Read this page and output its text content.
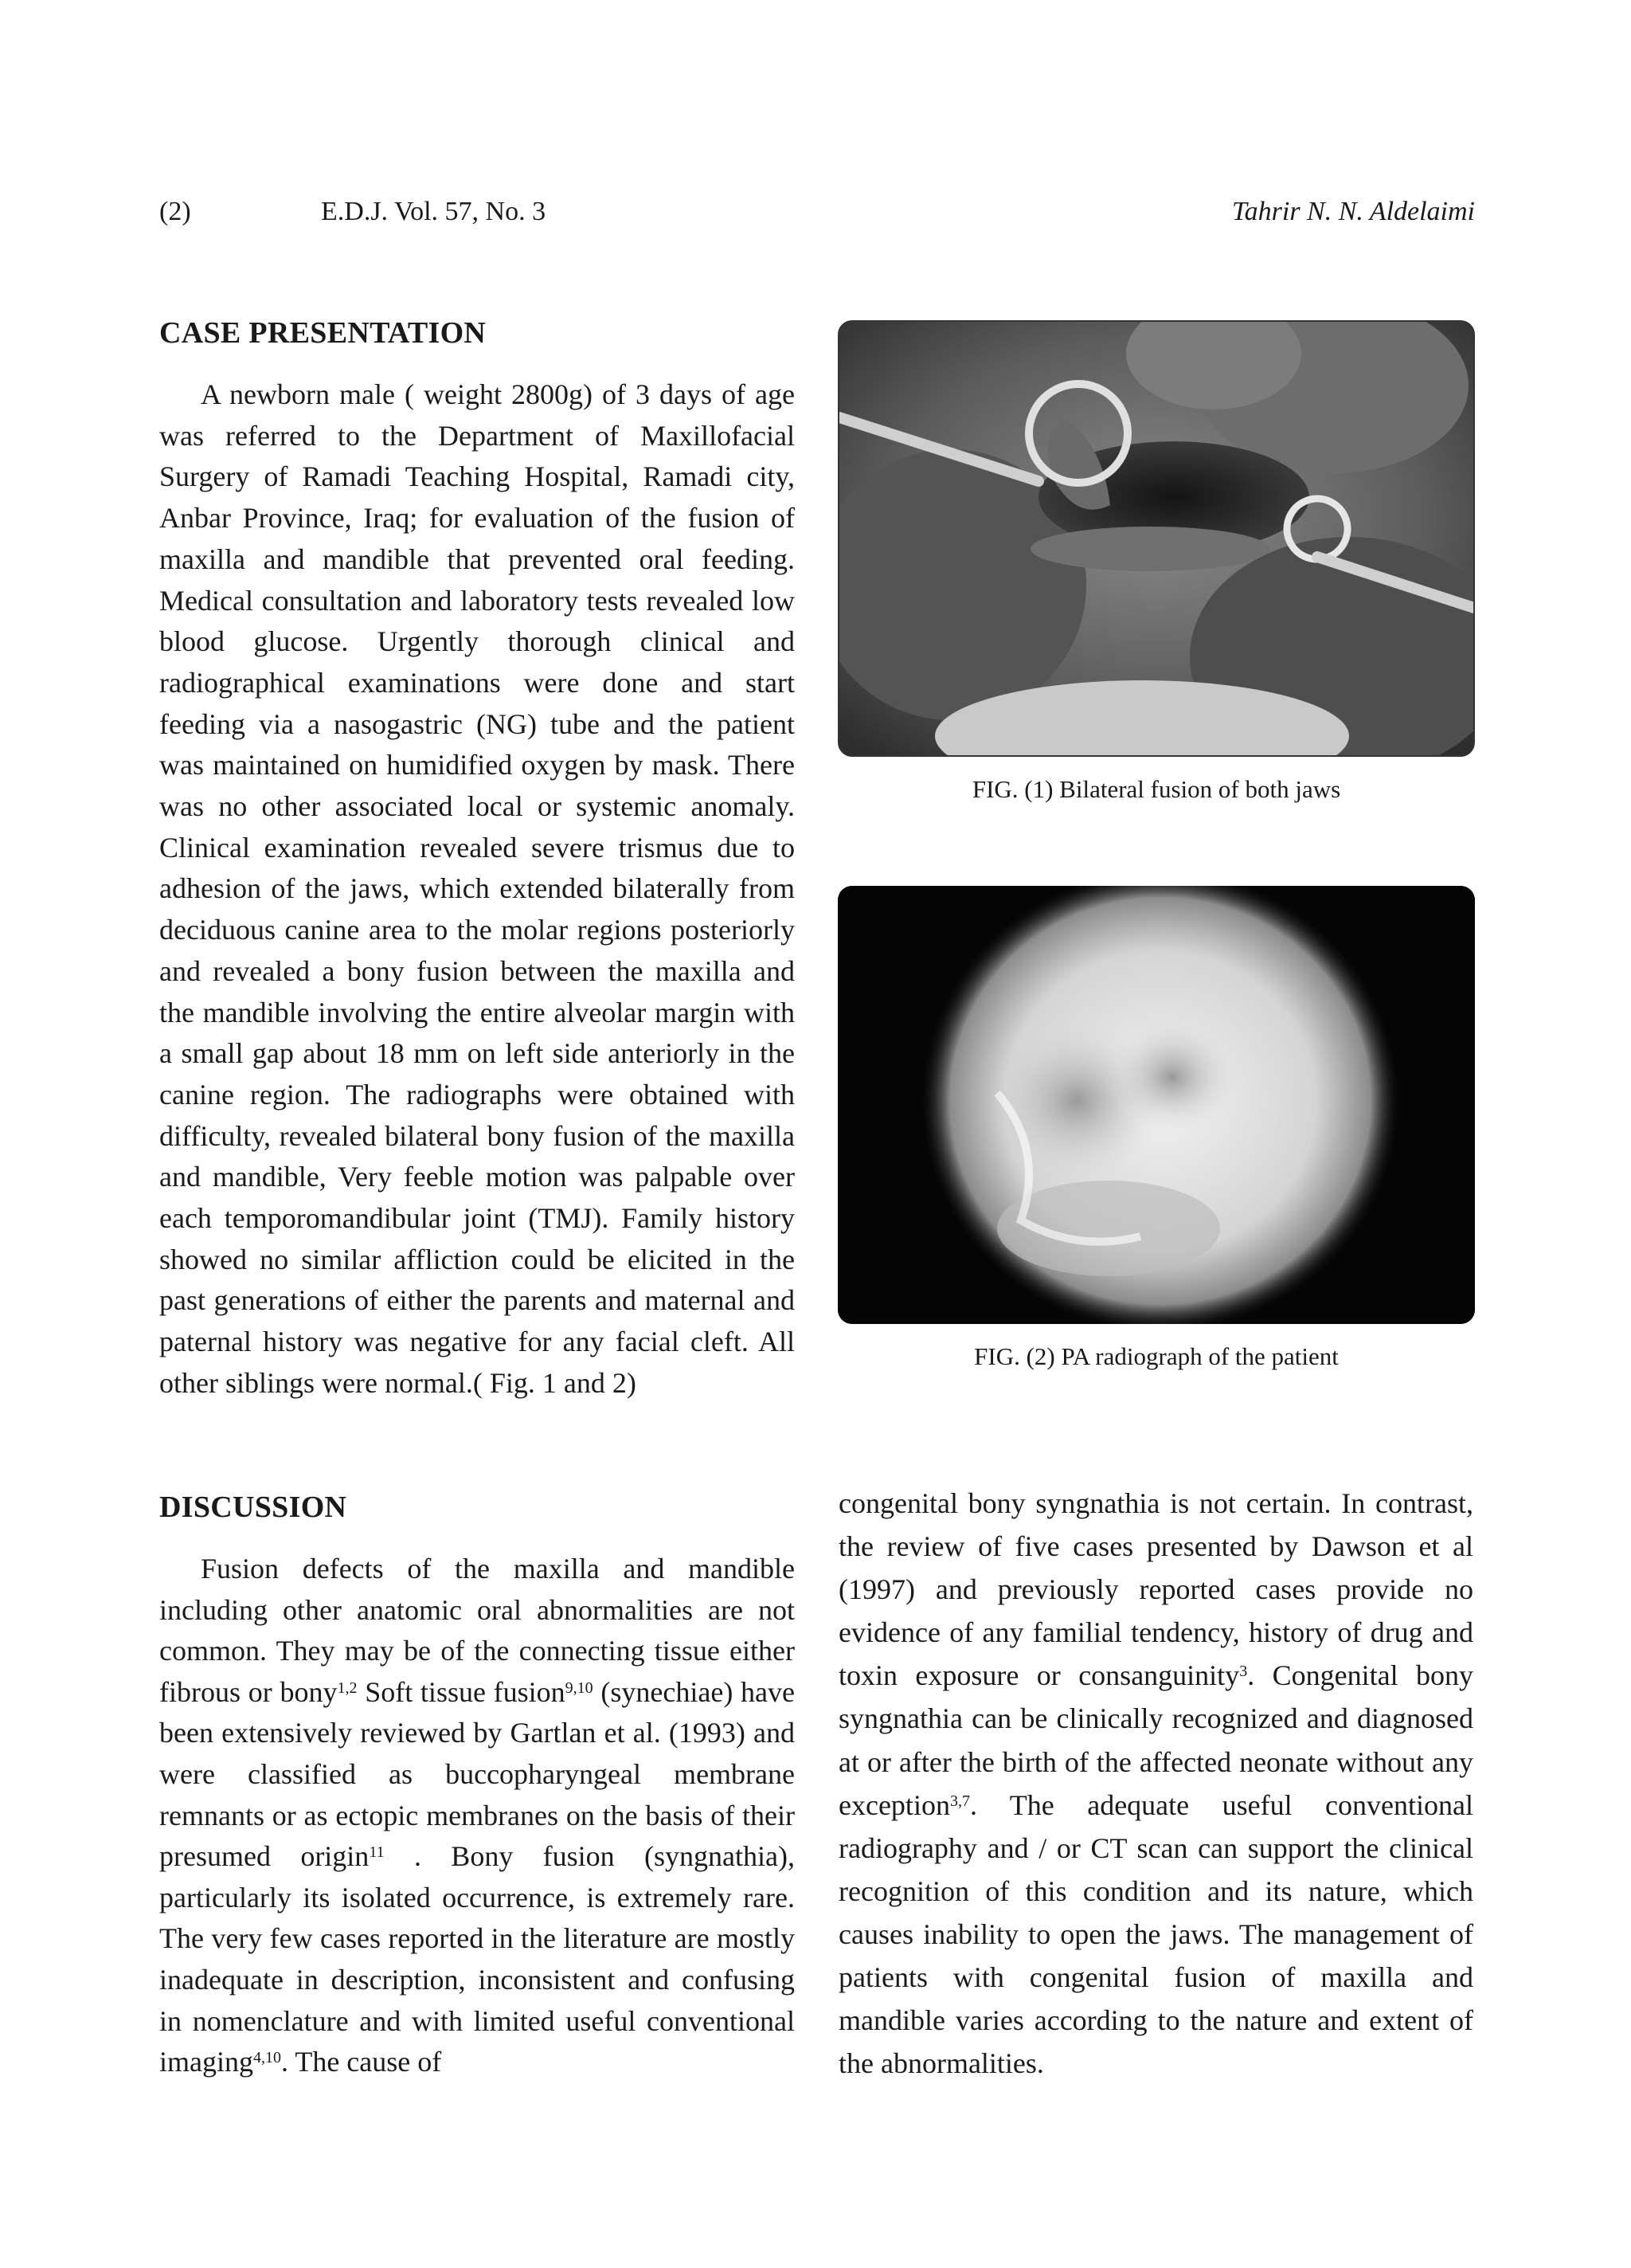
(2)	E.D.J. Vol. 57, No. 3	Tahrir N. N. Aldelaimi
CASE PRESENTATION

A newborn male ( weight 2800g) of 3 days of age was referred to the Department of Maxillofacial Surgery of Ramadi Teaching Hospital, Ramadi city, Anbar Province, Iraq; for evaluation of the fusion of maxilla and mandible that prevented oral feeding. Medical consultation and laboratory tests revealed low blood glucose. Urgently thorough clinical and radiographical examinations were done and start feeding via a nasogastric (NG) tube and the patient was maintained on humidified oxygen by mask. There was no other associated local or systemic anomaly. Clinical examination revealed severe trismus due to adhesion of the jaws, which extended bilaterally from deciduous canine area to the molar regions posteriorly and revealed a bony fusion between the maxilla and the mandible involving the entire alveolar margin with a small gap about 18 mm on left side anteriorly in the canine region. The radiographs were obtained with difficulty, revealed bilateral bony fusion of the maxilla and mandible, Very feeble motion was palpable over each temporomandibular joint (TMJ). Family history showed no similar affliction could be elicited in the past generations of either the parents and maternal and paternal history was negative for any facial cleft. All other siblings were normal.( Fig. 1 and 2)

FIG. (1) Bilateral fusion of both jaws
FIG. (2) PA radiograph of the patient
DISCUSSION

Fusion defects of the maxilla and mandible including other anatomic oral abnormalities are not common. They may be of the connecting tissue either fibrous or bony$^{1,2}$ Soft tissue fusion$^{9,10}$ (synechiae) have been extensively reviewed by Gartlan et al. (1993) and were classified as buccopharyngeal membrane remnants or as ectopic membranes on the basis of their presumed origin$^{11}$ . Bony fusion (syngnathia), particularly its isolated occurrence, is extremely rare. The very few cases reported in the literature are mostly inadequate in description, inconsistent and confusing in nomenclature and with limited useful conventional imaging$^{4,10}$. The cause of

congenital bony syngnathia is not certain. In contrast, the review of five cases presented by Dawson et al (1997) and previously reported cases provide no evidence of any familial tendency, history of drug and toxin exposure or consanguinity$^3$. Congenital bony syngnathia can be clinically recognized and diagnosed at or after the birth of the affected neonate without any exception$^{3,7}$. The adequate useful conventional radiography and / or CT scan can support the clinical recognition of this condition and its nature, which causes inability to open the jaws. The management of patients with congenital fusion of maxilla and mandible varies according to the nature and extent of the abnormalities.
